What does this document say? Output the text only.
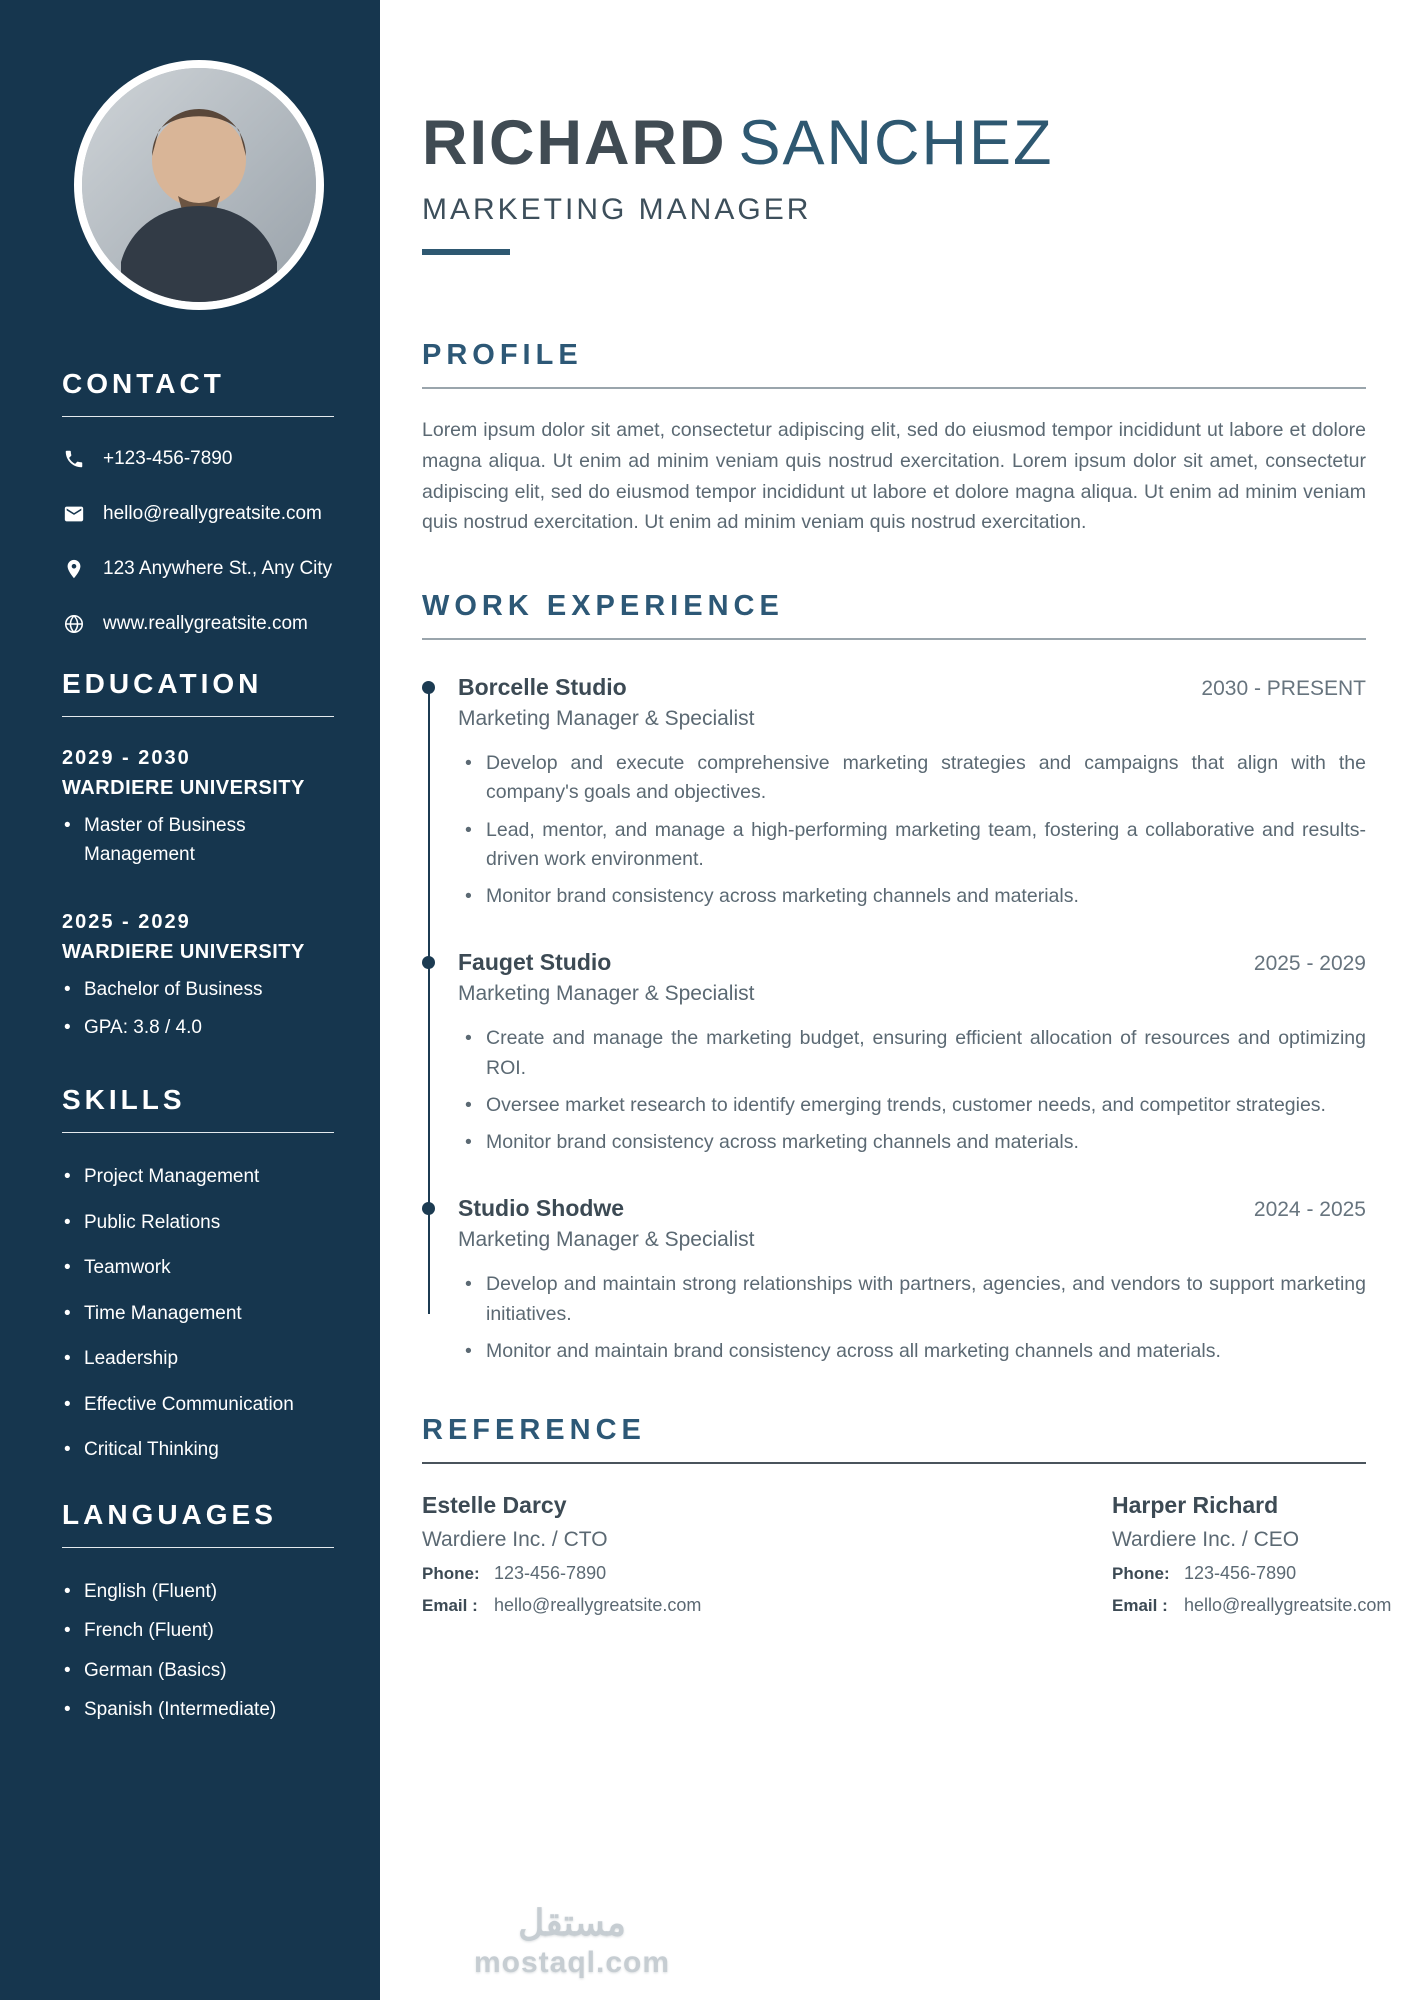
CONTACT
+123-456-7890
hello@reallygreatsite.com
123 Anywhere St., Any City
www.reallygreatsite.com
EDUCATION
2029 - 2030
WARDIERE UNIVERSITY
• Master of Business Management
2025 - 2029
WARDIERE UNIVERSITY
• Bachelor of Business
• GPA: 3.8 / 4.0
SKILLS
• Project Management
• Public Relations
• Teamwork
• Time Management
• Leadership
• Effective Communication
• Critical Thinking
LANGUAGES
• English (Fluent)
• French (Fluent)
• German (Basics)
• Spanish (Intermediate)
RICHARD SANCHEZ
MARKETING MANAGER
PROFILE

Lorem ipsum dolor sit amet, consectetur adipiscing elit, sed do eiusmod tempor incididunt ut labore et dolore magna aliqua. Ut enim ad minim veniam quis nostrud exercitation. Lorem ipsum dolor sit amet, consectetur adipiscing elit, sed do eiusmod tempor incididunt ut labore et dolore magna aliqua. Ut enim ad minim veniam quis nostrud exercitation. Ut enim ad minim veniam quis nostrud exercitation.

WORK EXPERIENCE
Borcelle Studio	2030 - PRESENT
Marketing Manager & Specialist
• Develop and execute comprehensive marketing strategies and campaigns that align with the company's goals and objectives.
• Lead, mentor, and manage a high-performing marketing team, fostering a collaborative and results-driven work environment.
• Monitor brand consistency across marketing channels and materials.
Fauget Studio	2025 - 2029
Marketing Manager & Specialist
• Create and manage the marketing budget, ensuring efficient allocation of resources and optimizing ROI.
• Oversee market research to identify emerging trends, customer needs, and competitor strategies.
• Monitor brand consistency across marketing channels and materials.
Studio Shodwe	2024 - 2025
Marketing Manager & Specialist
• Develop and maintain strong relationships with partners, agencies, and vendors to support marketing initiatives.
• Monitor and maintain brand consistency across all marketing channels and materials.
REFERENCE
Estelle Darcy
Wardiere Inc. / CTO
Phone: 123-456-7890
Email : hello@reallygreatsite.com
Harper Richard
Wardiere Inc. / CEO
Phone: 123-456-7890
Email : hello@reallygreatsite.com
مستقل
mostaql.com
